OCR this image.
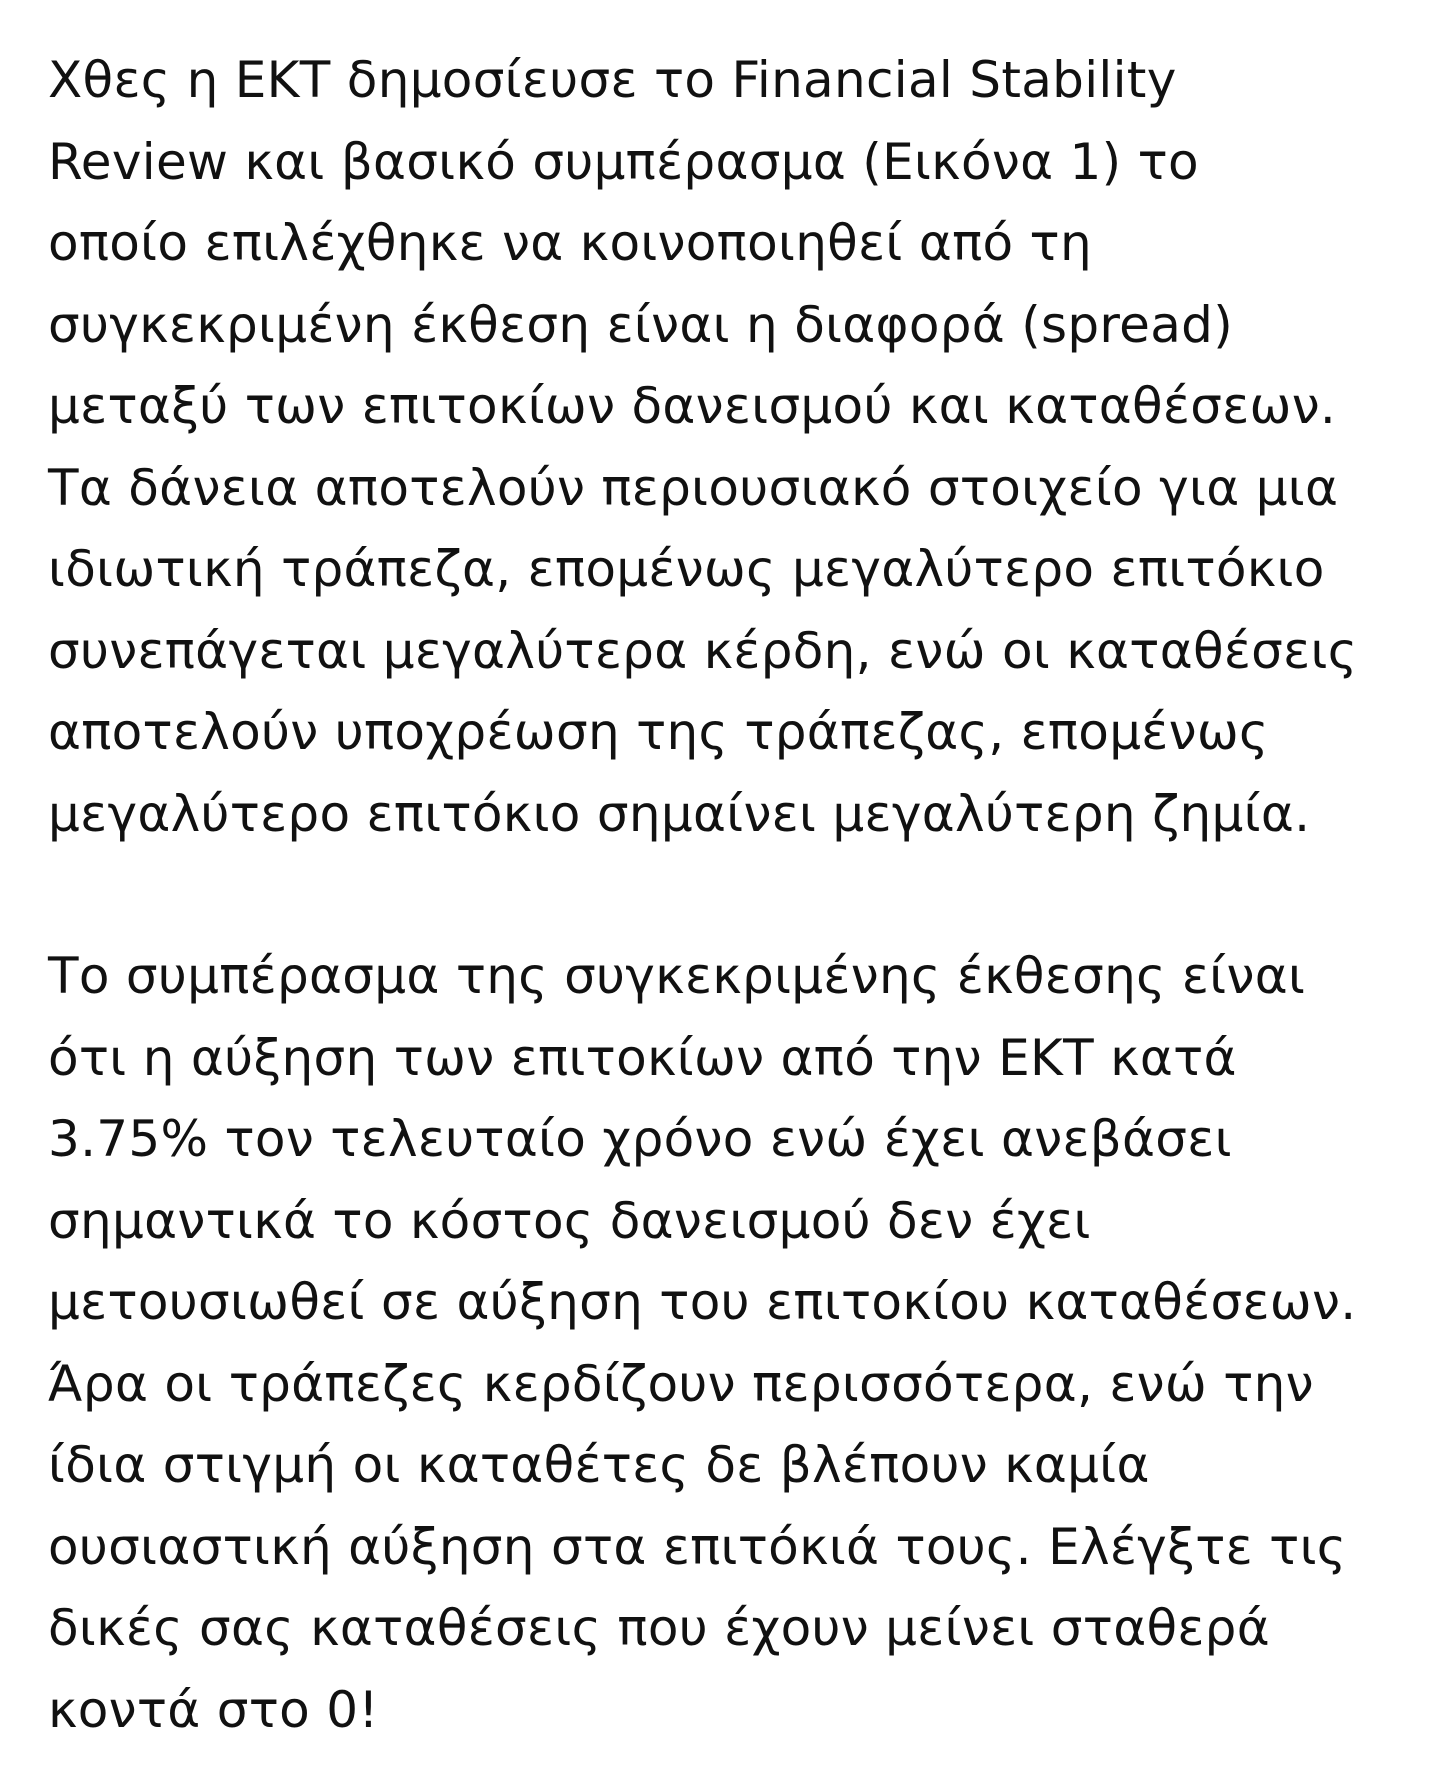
Χθες η ΕΚΤ δημοσίευσε το Financial Stability
Review και βασικό συμπέρασμα (Εικόνα 1) το
οποίο επιλέχθηκε να κοινοποιηθεί από τη
συγκεκριμένη έκθεση είναι η διαφορά (spread)
μεταξύ των επιτοκίων δανεισμού και καταθέσεων.
Τα δάνεια αποτελούν περιουσιακό στοιχείο για μια
ιδιωτική τράπεζα, επομένως μεγαλύτερο επιτόκιο
συνεπάγεται μεγαλύτερα κέρδη, ενώ οι καταθέσεις
αποτελούν υποχρέωση της τράπεζας, επομένως
μεγαλύτερο επιτόκιο σημαίνει μεγαλύτερη ζημία.

Το συμπέρασμα της συγκεκριμένης έκθεσης είναι
ότι η αύξηση των επιτοκίων από την ΕΚΤ κατά
3.75% τον τελευταίο χρόνο ενώ έχει ανεβάσει
σημαντικά το κόστος δανεισμού δεν έχει
μετουσιωθεί σε αύξηση του επιτοκίου καταθέσεων.
Άρα οι τράπεζες κερδίζουν περισσότερα, ενώ την
ίδια στιγμή οι καταθέτες δε βλέπουν καμία
ουσιαστική αύξηση στα επιτόκιά τους. Ελέγξτε τις
δικές σας καταθέσεις που έχουν μείνει σταθερά
κοντά στο 0!
